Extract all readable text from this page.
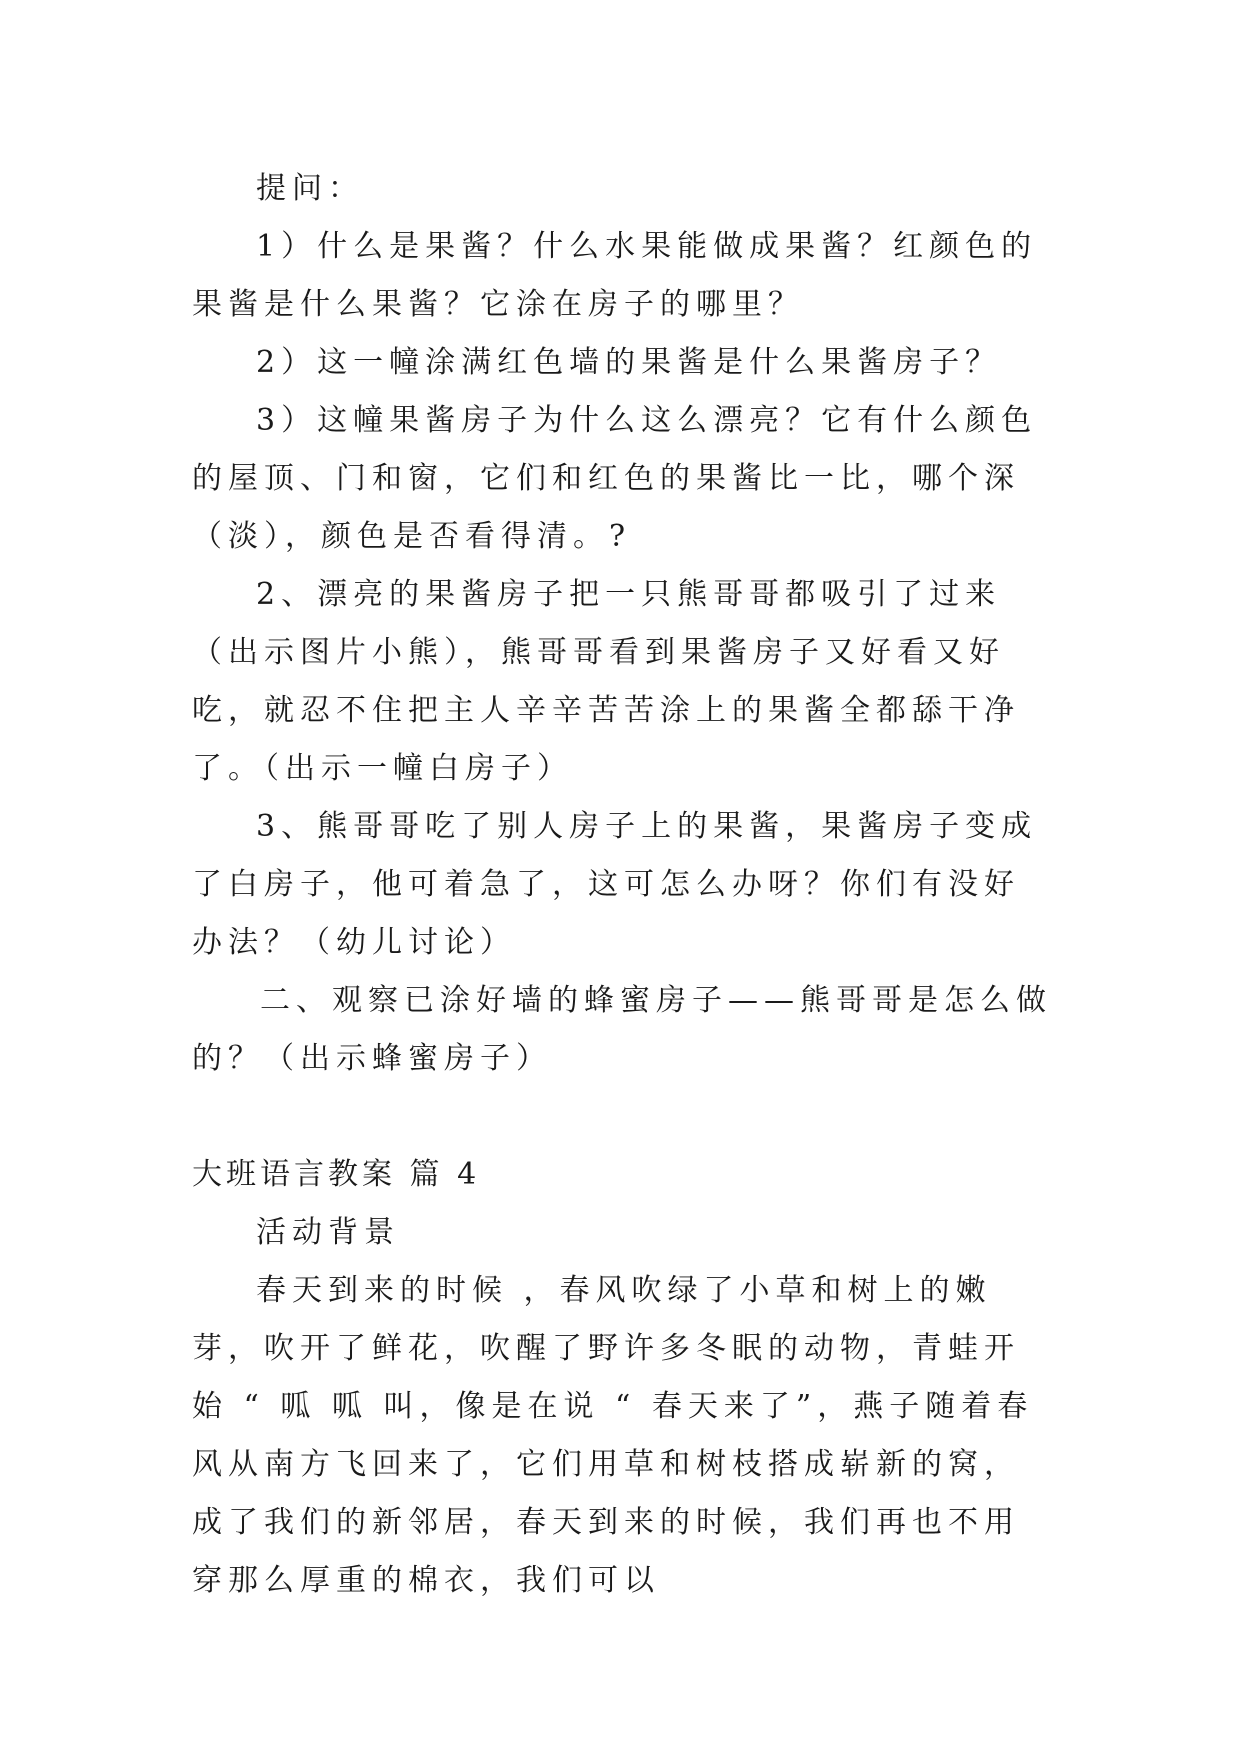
提问：

1）什么是果酱？什么水果能做成果酱？红颜色的果酱是什么果酱？它涂在房子的哪里？

2）这一幢涂满红色墙的果酱是什么果酱房子？

3）这幢果酱房子为什么这么漂亮？它有什么颜色的屋顶、门和窗，它们和红色的果酱比一比，哪个深（淡），颜色是否看得清。?

2、漂亮的果酱房子把一只熊哥哥都吸引了过来（出示图片小熊），熊哥哥看到果酱房子又好看又好吃，就忍不住把主人辛辛苦苦涂上的果酱全都舔干净了。（出示一幢白房子）

3、熊哥哥吃了别人房子上的果酱，果酱房子变成了白房子，他可着急了，这可怎么办呀？你们有没好办法？（幼儿讨论）

二、观察已涂好墙的蜂蜜房子——熊哥哥是怎么做的？（出示蜂蜜房子）

大班语言教案 篇 4

活动背景

春天到来的时候 ，春风吹绿了小草和树上的嫩芽，吹开了鲜花，吹醒了野许多冬眠的动物，青蛙开始 “ 呱 呱 叫，像是在说 “ 春天来了”，燕子随着春风从南方飞回来了，它们用草和树枝搭成崭新的窝，成了我们的新邻居，春天到来的时候，我们再也不用穿那么厚重的棉衣，我们可以
